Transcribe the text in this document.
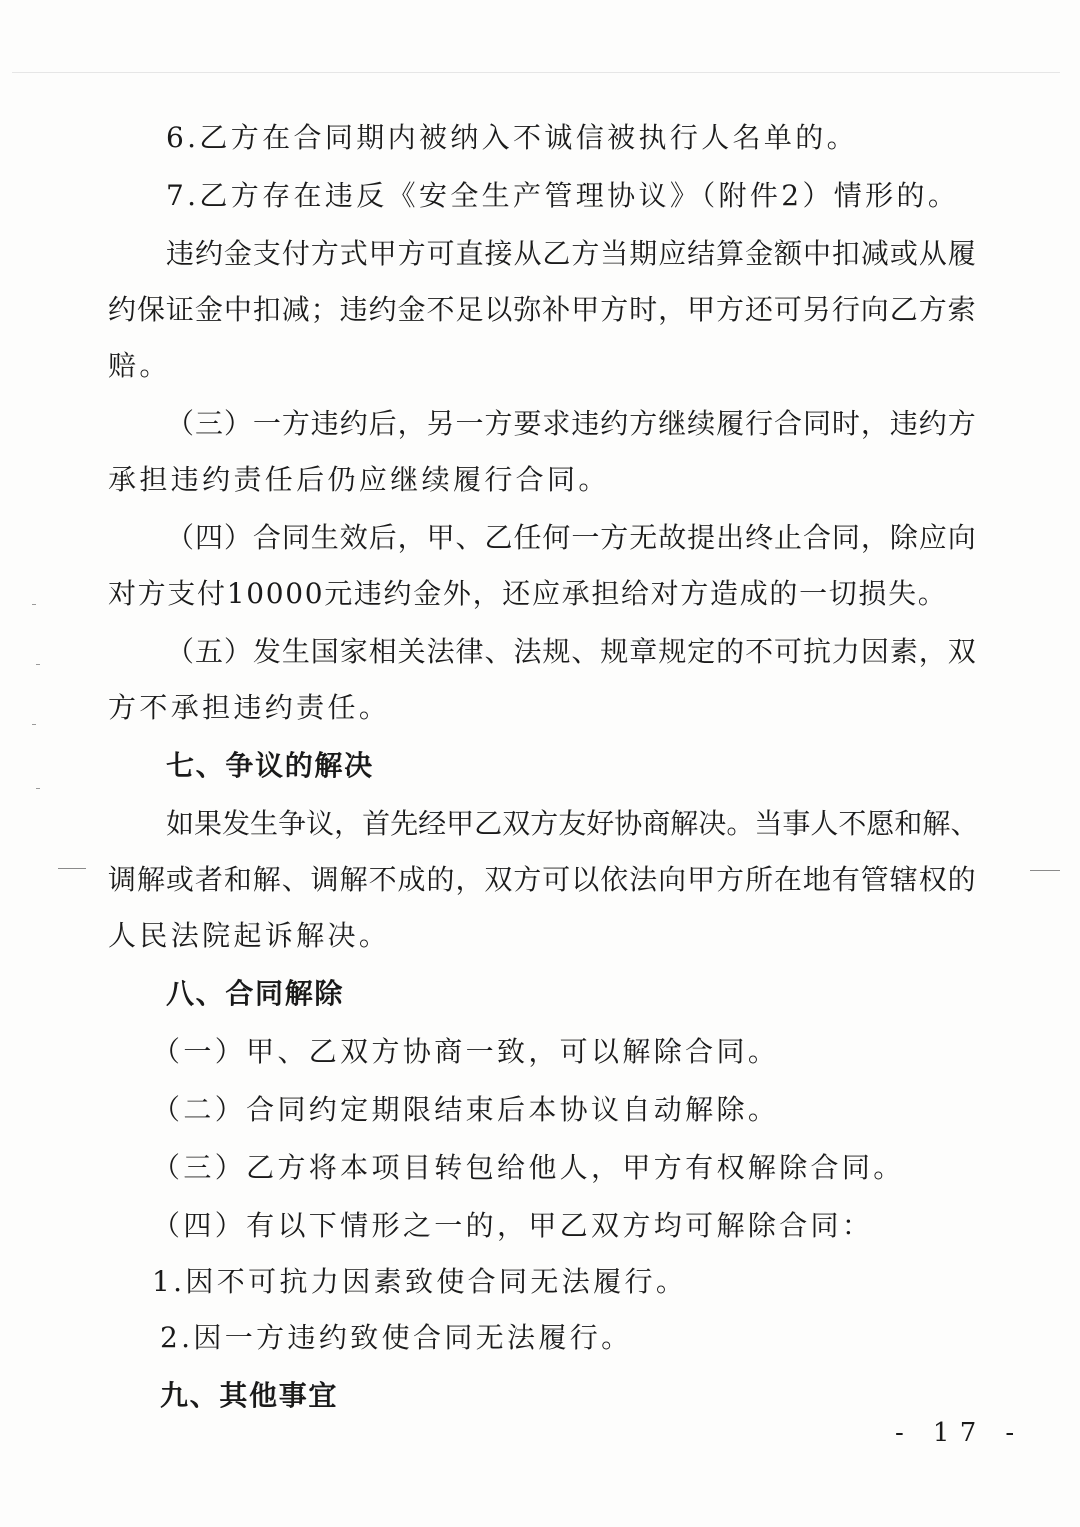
6.乙方在合同期内被纳入不诚信被执行人名单的。
7.乙方存在违反《安全生产管理协议》（附件2）情形的。
违 约 金 支 付 方 式 甲 方 可 直 接 从 乙 方 当 期 应 结 算 金 额 中 扣 减 或 从 履
约 保 证 金 中 扣 减 ； 违 约 金 不 足 以 弥 补 甲 方 时 ， 甲 方 还 可 另 行 向 乙 方 索
赔。
（ 三 ） 一 方 违 约 后 ， 另 一 方 要 求 违 约 方 继 续 履 行 合 同 时 ， 违 约 方
承担违约责任后仍应继续履行合同。
（ 四 ） 合 同 生 效 后 ， 甲 、 乙 任 何 一 方 无 故 提 出 终 止 合 同 ， 除 应 向
对方支付10000元违约金外，还应承担给对方造成的一切损失。
（ 五 ） 发 生 国 家 相 关 法 律 、 法 规 、 规 章 规 定 的 不 可 抗 力 因 素 ， 双
方不承担违约责任。
七、争议的解决
如 果 发 生 争 议 ， 首 先 经 甲 乙 双 方 友 好 协 商 解 决 。 当 事 人 不 愿 和 解 、
调 解 或 者 和 解 、 调 解 不 成 的 ， 双 方 可 以 依 法 向 甲 方 所 在 地 有 管 辖 权 的
人民法院起诉解决。
八、合同解除
（一）甲、乙双方协商一致，可以解除合同。
（二）合同约定期限结束后本协议自动解除。
（三）乙方将本项目转包给他人，甲方有权解除合同。
（四）有以下情形之一的，甲乙双方均可解除合同：
1.因不可抗力因素致使合同无法履行。
2.因一方违约致使合同无法履行。
九、其他事宜
- 17 -
